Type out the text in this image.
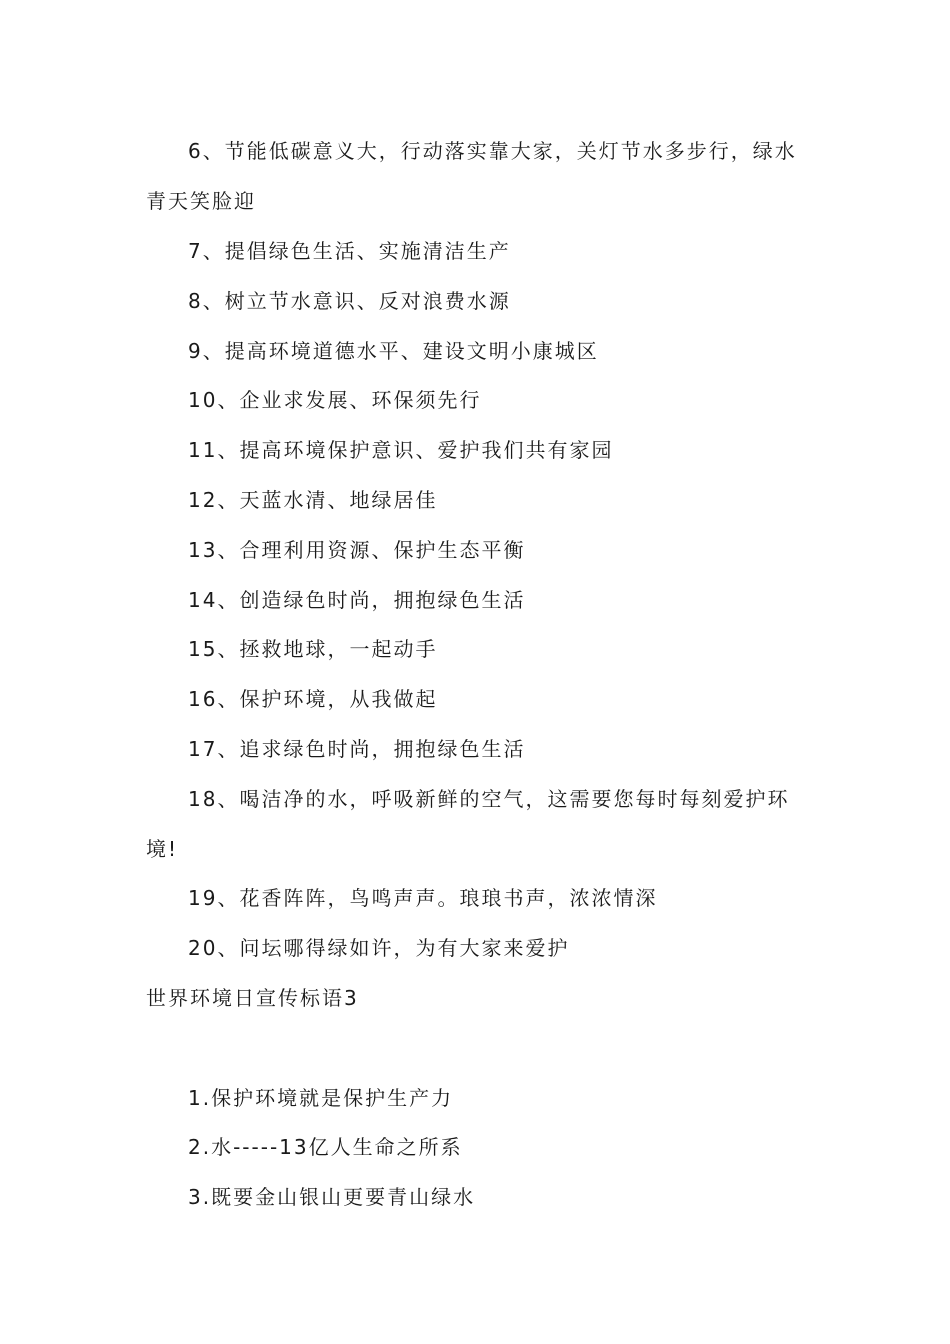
6、节能低碳意义大，行动落实靠大家，关灯节水多步行，绿水
青天笑脸迎
7、提倡绿色生活、实施清洁生产
8、树立节水意识、反对浪费水源
9、提高环境道德水平、建设文明小康城区
10、企业求发展、环保须先行
11、提高环境保护意识、爱护我们共有家园
12、天蓝水清、地绿居佳
13、合理利用资源、保护生态平衡
14、创造绿色时尚，拥抱绿色生活
15、拯救地球，一起动手
16、保护环境，从我做起
17、追求绿色时尚，拥抱绿色生活
18、喝洁净的水，呼吸新鲜的空气，这需要您每时每刻爱护环
境!
19、花香阵阵，鸟鸣声声。琅琅书声，浓浓情深
20、问坛哪得绿如许，为有大家来爱护
世界环境日宣传标语3
1.保护环境就是保护生产力
2.水-----13亿人生命之所系
3.既要金山银山更要青山绿水
